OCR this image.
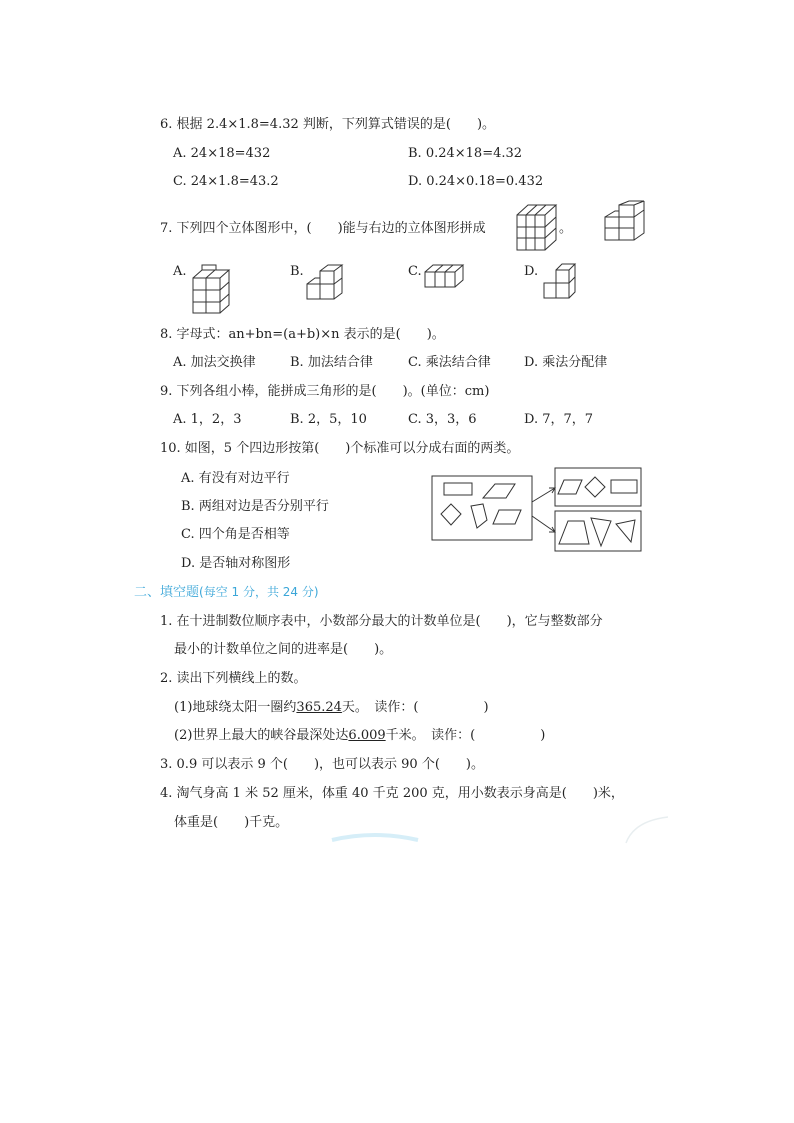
6. 根据 2.4×1.8=4.32 判断，下列算式错误的是(　　)。
A. 24×18=432	B. 0.24×18=4.32
C. 24×1.8=43.2	D. 0.24×0.18=0.432
7. 下列四个立体图形中，(　　)能与右边的立体图形拼成	。
A.	B.	C.	D.
8. 字母式：an+bn=(a+b)×n 表示的是(　　)。
A. 加法交换律	B. 加法结合律	C. 乘法结合律	D. 乘法分配律
9. 下列各组小棒，能拼成三角形的是(　　)。(单位：cm)
A. 1，2，3	B. 2，5，10	C. 3，3，6	D. 7，7，7
10. 如图，5 个四边形按第(　　)个标准可以分成右面的两类。
A. 有没有对边平行
B. 两组对边是否分别平行
C. 四个角是否相等
D. 是否轴对称图形
二、填空题(每空 1 分，共 24 分)
1. 在十进制数位顺序表中，小数部分最大的计数单位是(　　)，它与整数部分
最小的计数单位之间的进率是(　　)。
2. 读出下列横线上的数。
(1)地球绕太阳一圈约365.24天。　读作：(　　　　　)
(2)世界上最大的峡谷最深处达6.009千米。　读作：(　　　　　)
3. 0.9 可以表示 9 个(　　)，也可以表示 90 个(　　)。
4. 淘气身高 1 米 52 厘米，体重 40 千克 200 克，用小数表示身高是(　　)米，
体重是(　　)千克。
